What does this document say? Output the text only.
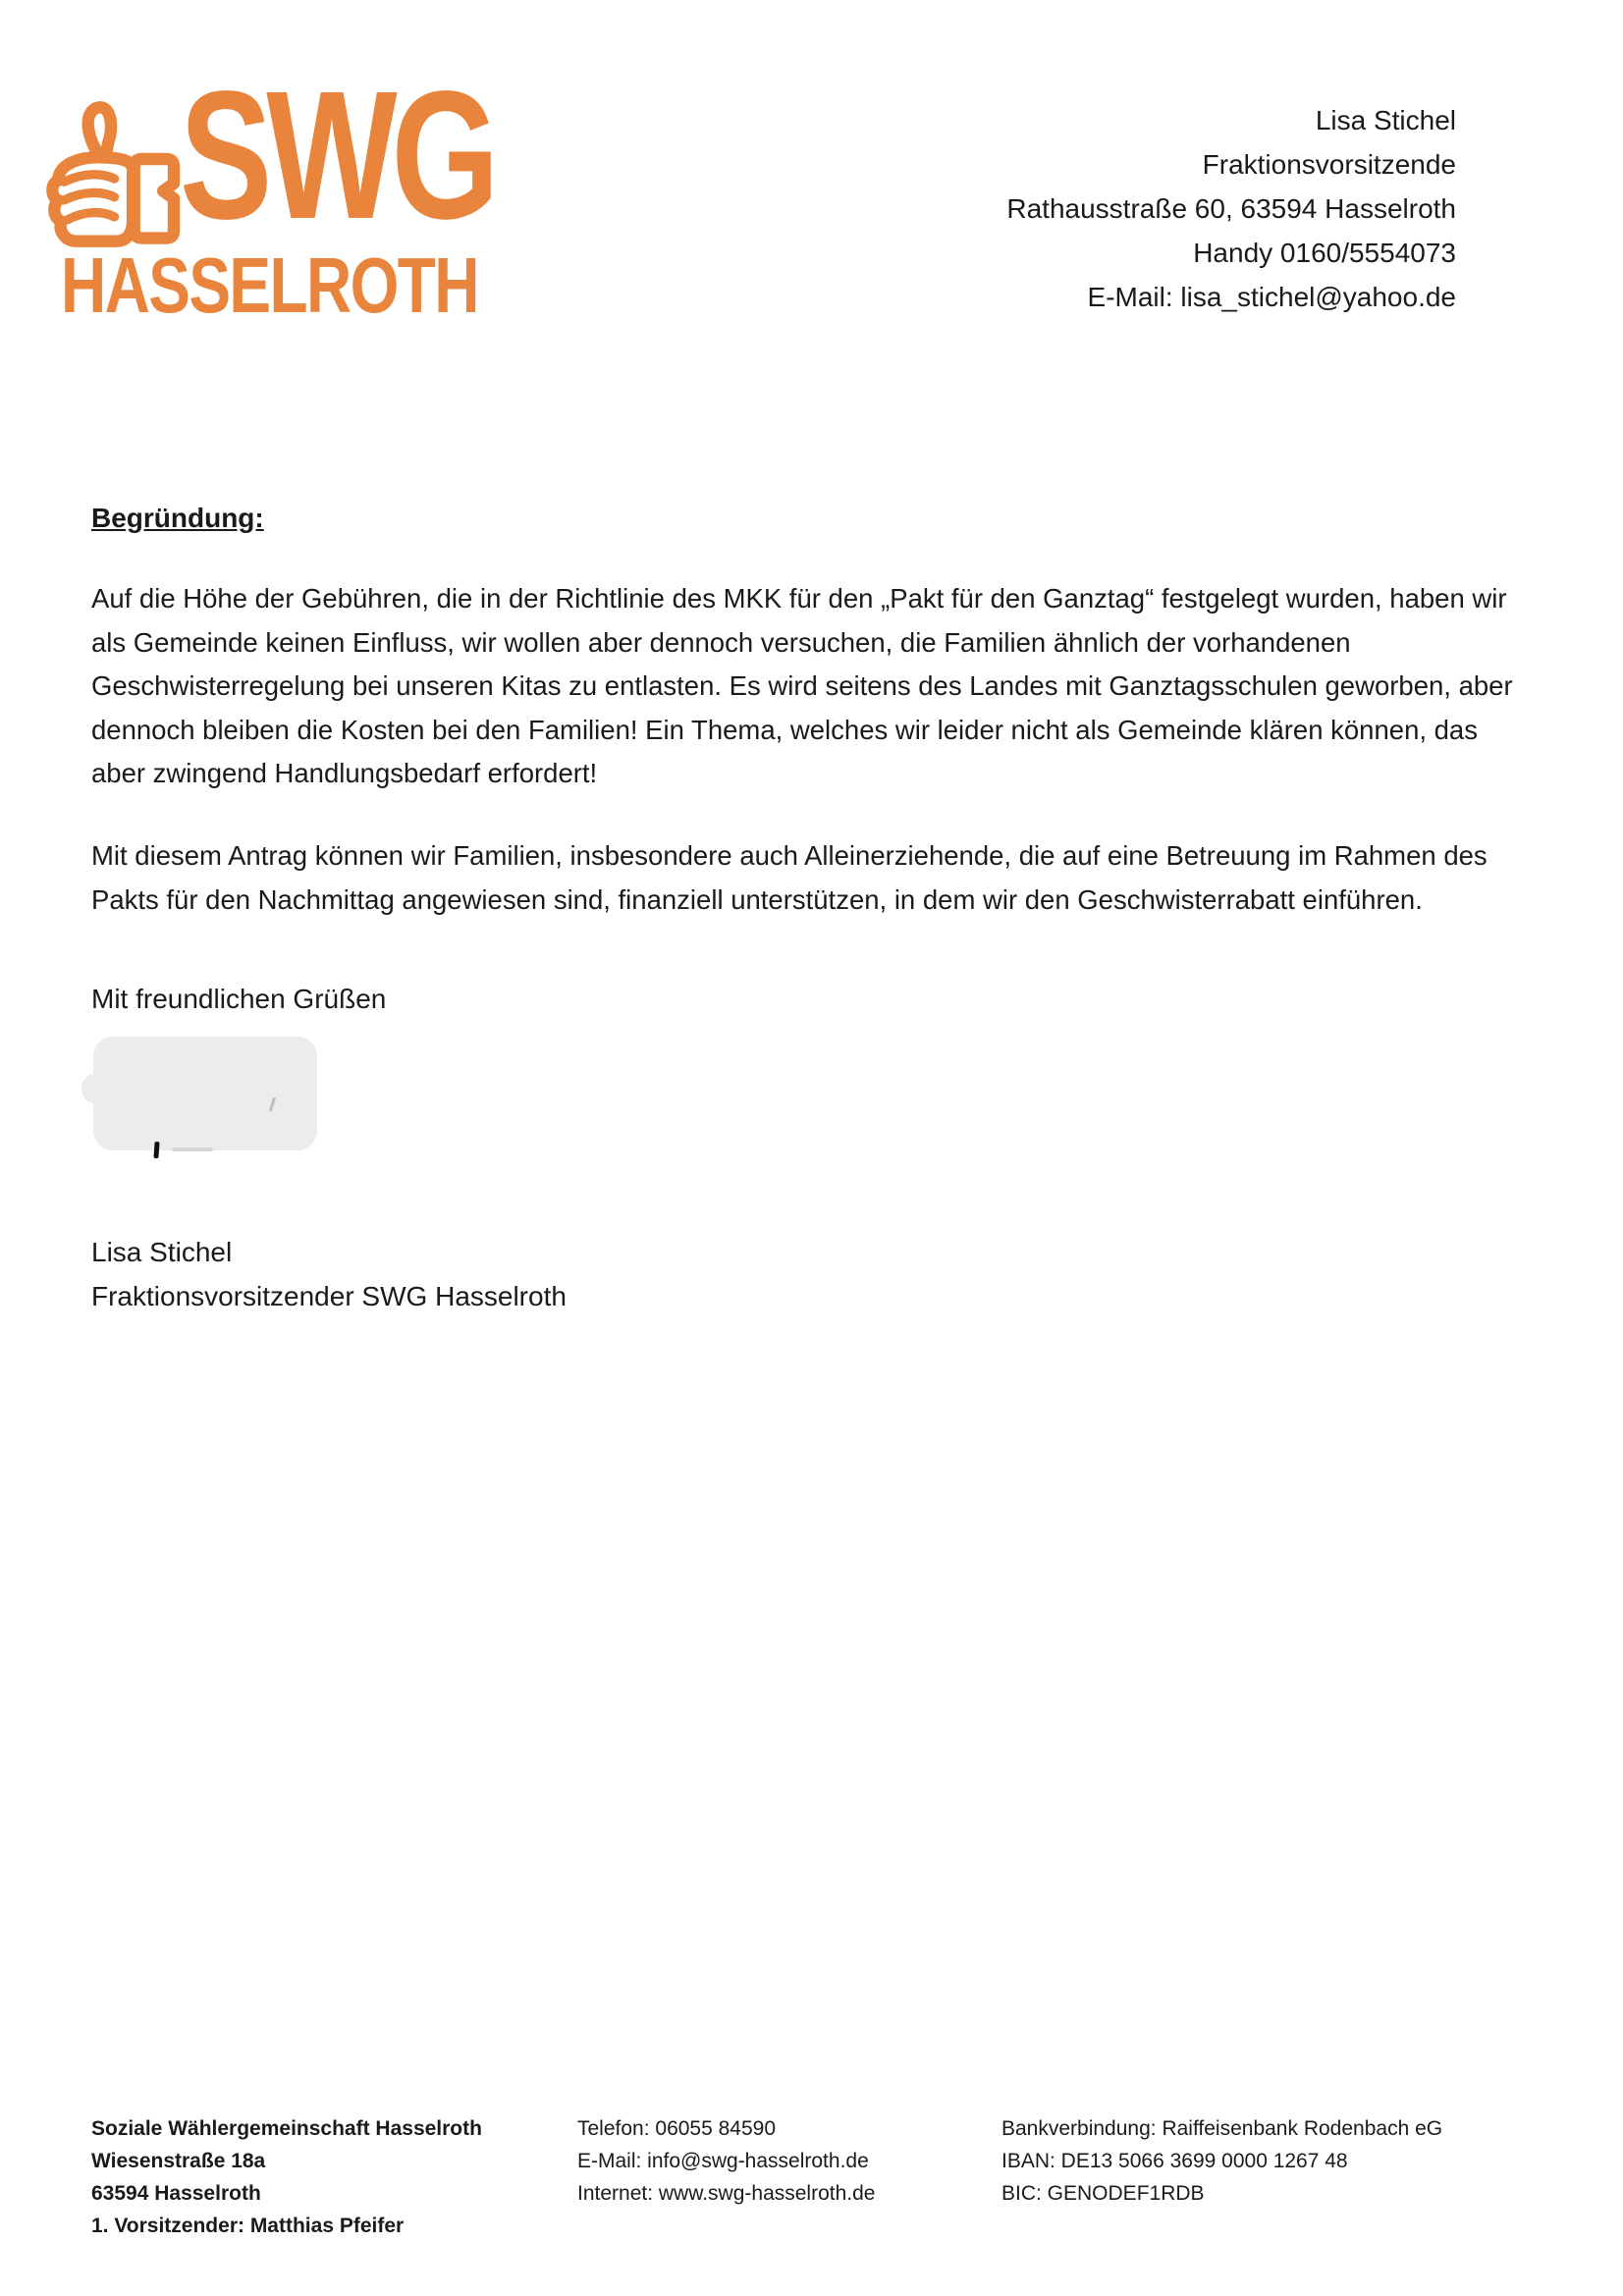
SWG
HASSELROTH
Lisa Stichel
Fraktionsvorsitzende
Rathausstraße 60, 63594 Hasselroth
Handy 0160/5554073
E-Mail: lisa_stichel@yahoo.de
Begründung:
Auf die Höhe der Gebühren, die in der Richtlinie des MKK für den „Pakt für den Ganztag“ festgelegt wurden, haben wir als Gemeinde keinen Einfluss, wir wollen aber dennoch versuchen, die Familien ähnlich der vorhandenen Geschwisterregelung bei unseren Kitas zu entlasten. Es wird seitens des Landes mit Ganztagsschulen geworben, aber dennoch bleiben die Kosten bei den Familien! Ein Thema, welches wir leider nicht als Gemeinde klären können, das aber zwingend Handlungsbedarf erfordert!
Mit diesem Antrag können wir Familien, insbesondere auch Alleinerziehende, die auf eine Betreuung im Rahmen des Pakts für den Nachmittag angewiesen sind, finanziell unterstützen, in dem wir den Geschwisterrabatt einführen.
Mit freundlichen Grüßen
Lisa Stichel
Fraktionsvorsitzender SWG Hasselroth
Soziale Wählergemeinschaft Hasselroth
Wiesenstraße 18a
63594 Hasselroth
1. Vorsitzender: Matthias Pfeifer
Telefon: 06055 84590
E-Mail: info@swg-hasselroth.de
Internet: www.swg-hasselroth.de
Bankverbindung: Raiffeisenbank Rodenbach eG
IBAN: DE13 5066 3699 0000 1267 48
BIC: GENODEF1RDB
